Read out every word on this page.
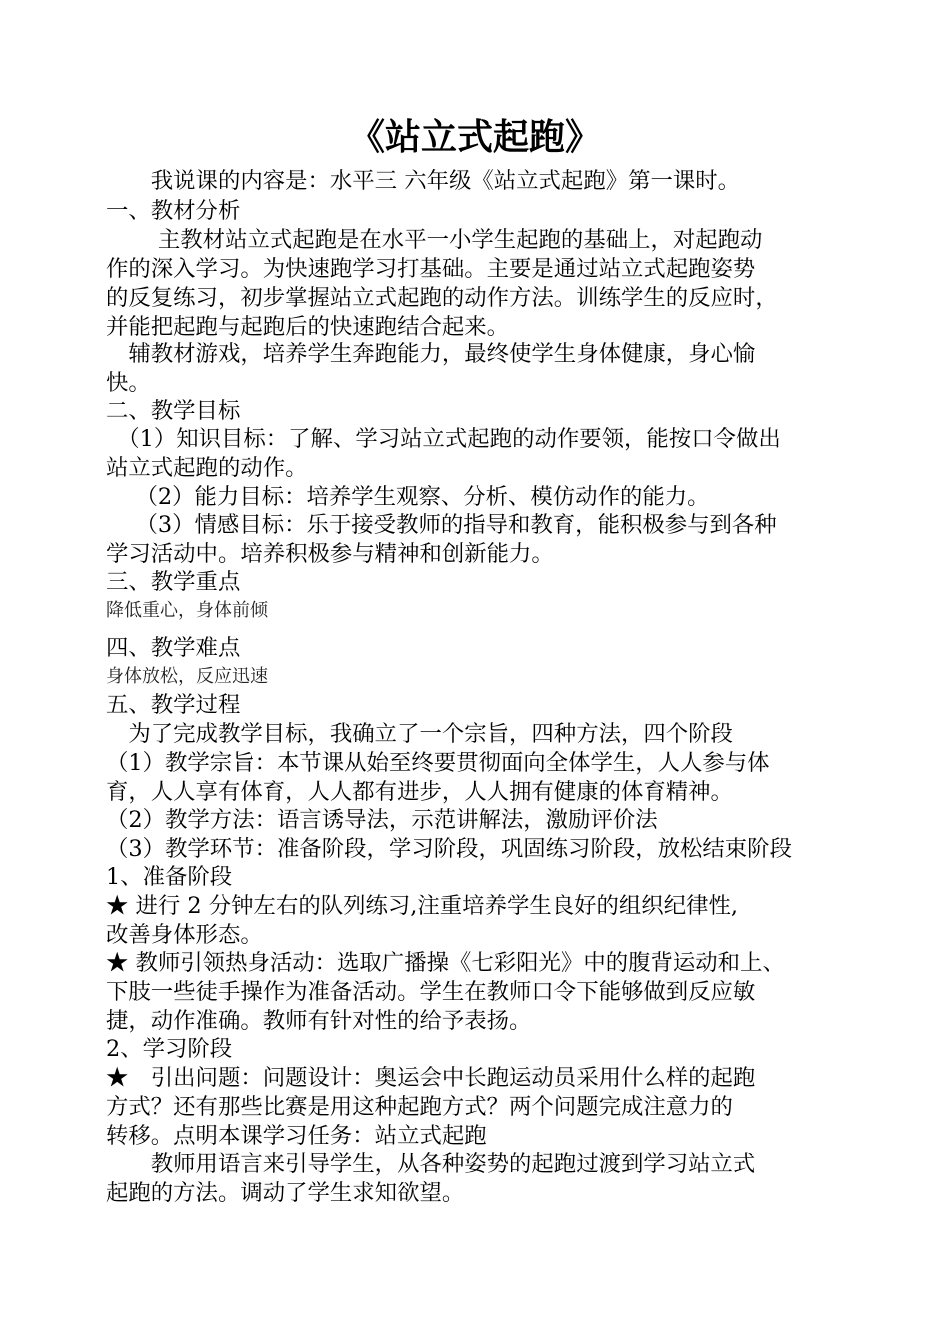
《站立式起跑》
　　我说课的内容是：水平三 六年级《站立式起跑》第一课时。
一、教材分析
　　 主教材站立式起跑是在水平一小学生起跑的基础上，对起跑动
作的深入学习。为快速跑学习打基础。主要是通过站立式起跑姿势
的反复练习，初步掌握站立式起跑的动作方法。训练学生的反应时，
并能把起跑与起跑后的快速跑结合起来。
　辅教材游戏，培养学生奔跑能力，最终使学生身体健康，身心愉
快。
二、教学目标
　（1）知识目标：了解、学习站立式起跑的动作要领，能按口令做出
站立式起跑的动作。
　 （2）能力目标：培养学生观察、分析、模仿动作的能力。
　 （3）情感目标：乐于接受教师的指导和教育，能积极参与到各种
学习活动中。培养积极参与精神和创新能力。
三、教学重点
降低重心，身体前倾
四、教学难点
身体放松，反应迅速
五、教学过程
　为了完成教学目标，我确立了一个宗旨，四种方法，四个阶段
（1）教学宗旨：本节课从始至终要贯彻面向全体学生，人人参与体
育，人人享有体育，人人都有进步，人人拥有健康的体育精神。
（2）教学方法：语言诱导法，示范讲解法，激励评价法
（3）教学环节：准备阶段，学习阶段，巩固练习阶段，放松结束阶段
1、准备阶段
★ 进行 2 分钟左右的队列练习,注重培养学生良好的组织纪律性,
改善身体形态。
★ 教师引领热身活动：选取广播操《七彩阳光》中的腹背运动和上、
下肢一些徒手操作为准备活动。学生在教师口令下能够做到反应敏
捷，动作准确。教师有针对性的给予表扬。
2、学习阶段
★　引出问题：问题设计：奥运会中长跑运动员采用什么样的起跑
方式？还有那些比赛是用这种起跑方式？两个问题完成注意力的
转移。点明本课学习任务：站立式起跑
　　教师用语言来引导学生，从各种姿势的起跑过渡到学习站立式
起跑的方法。调动了学生求知欲望。
